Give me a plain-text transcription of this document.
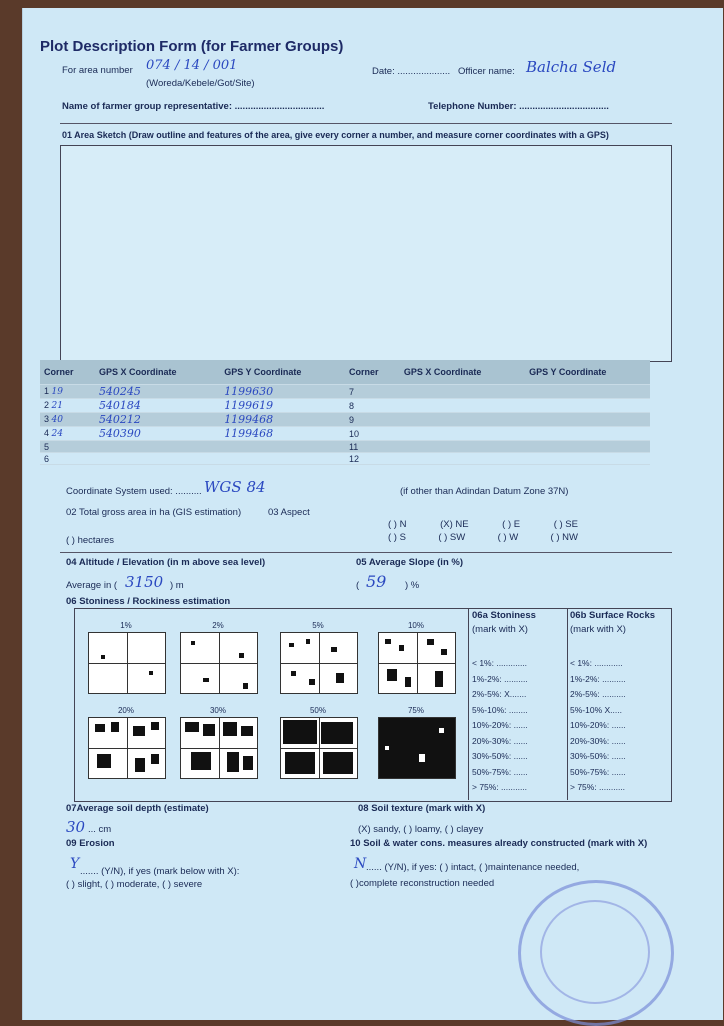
Plot Description Form (for Farmer Groups)
For area number 074 / 14 / 001
(Woreda/Kebele/Got/Site)
Date: .................... Officer name: Balcha Seld
Name of farmer group representative: ..................................	Telephone Number: ..................................
01 Area Sketch (Draw outline and features of the area, give every corner a number, and measure corner coordinates with a GPS)
Corner	GPS X Coordinate	GPS Y Coordinate	Corner	GPS X Coordinate	GPS Y Coordinate
1 19	540245	1199630	7		
2 21	540184	1199619	8		
3 40	540212	1199468	9		
4 24	540390	1199468	10		
5			11		
6			12		
Coordinate System used: .......... WGS 84	(if other than Adindan Datum Zone 37N)
02 Total gross area in ha (GIS estimation)	03 Aspect
( ) hectares
( ) N	(X) NE	( ) E	( ) SE
( ) S	( ) SW	( ) W	( ) NW
04 Altitude / Elevation (in m above sea level)	05 Average Slope (in %)
Average in ( 3150 ) m	( 59 ) %
06 Stoniness / Rockiness estimation
1%	2%	5%	10%
20%	30%	50%	75%
06a Stoniness
(mark with X)
06b Surface Rocks
(mark with X)
< 1%: .............
1%-2%: ..........
2%-5%: X.......
5%-10%: ........
10%-20%: ......
20%-30%: ......
30%-50%: ......
50%-75%: ......
> 75%: ...........
< 1%: ............
1%-2%: ..........
2%-5%: ..........
5%-10% X.....
10%-20%: ......
20%-30%: ......
30%-50%: ......
50%-75%: ......
> 75%: ...........
07Average soil depth (estimate)	08 Soil texture (mark with X)
30 ... cm	(X) sandy, ( ) loamy, ( ) clayey
09 Erosion	10 Soil & water cons. measures already constructed (mark with X)
Y ....... (Y/N), if yes (mark below with X):
( ) slight, ( ) moderate, ( ) severe
N ...... (Y/N), if yes: ( ) intact, ( )maintenance needed,
( )complete reconstruction needed
